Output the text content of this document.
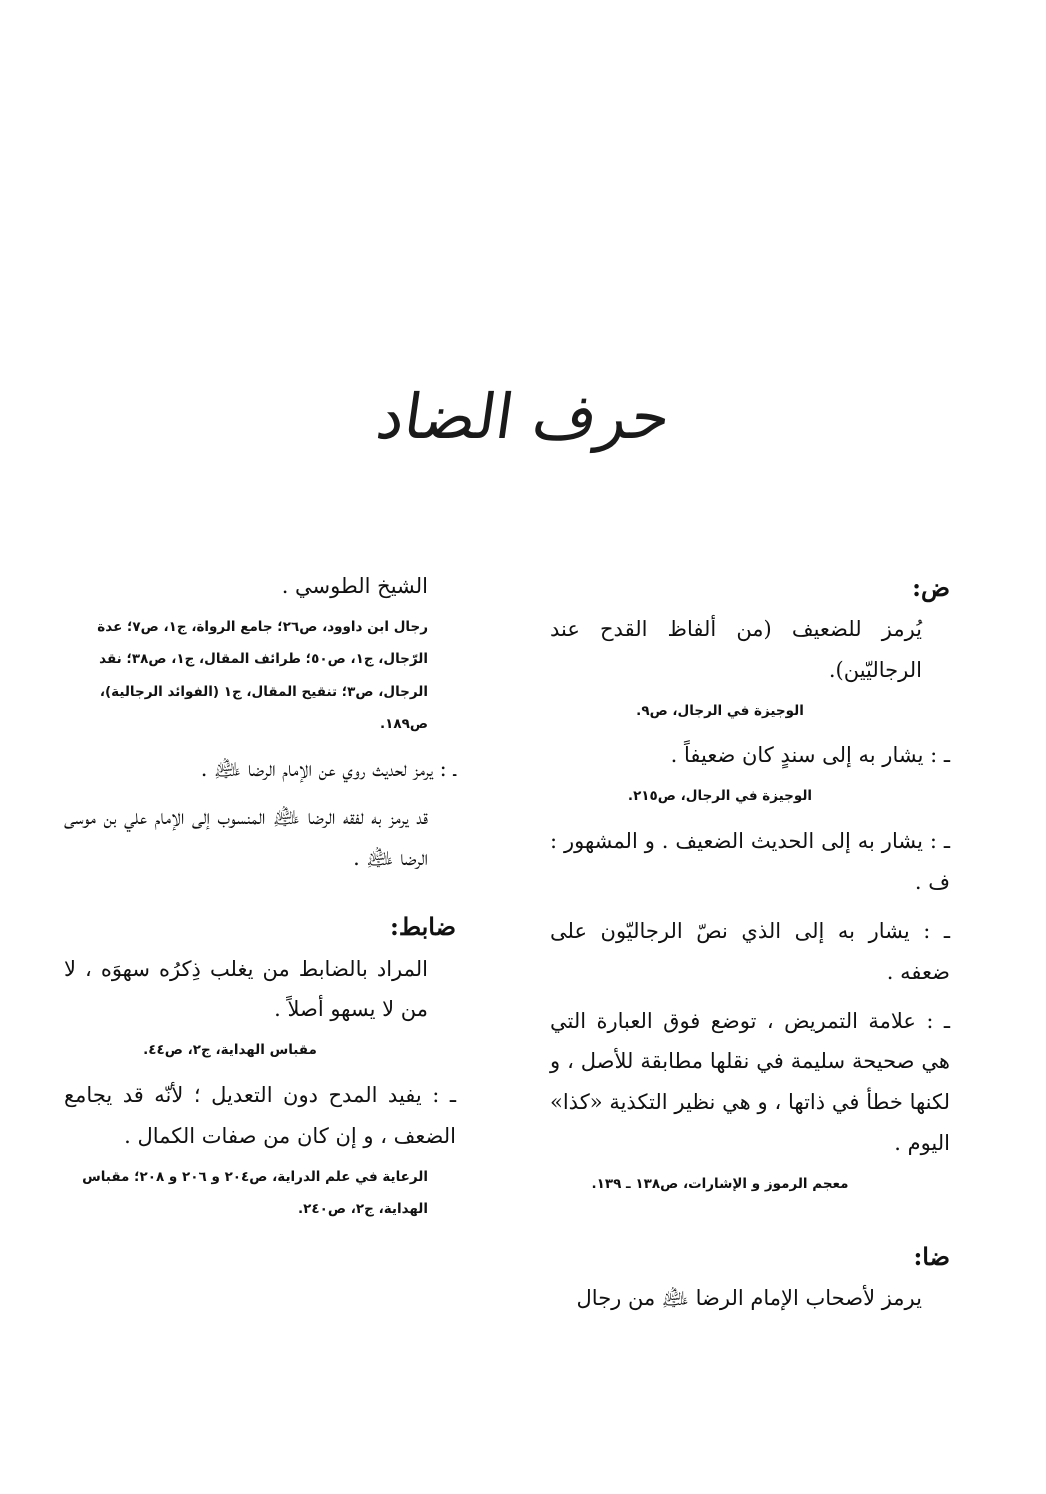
حرف الضاد

ض:

يُرمز للضعيف (من ألفاظ القدح عند الرجاليّين).

الوجيزة في الرجال، ص٩.

ـ : يشار به إلى سندٍ كان ضعيفاً .

الوجيزة في الرجال، ص٢١٥.

ـ : يشار به إلى الحديث الضعيف . و المشهور : ف .

ـ : يشار به إلى الذي نصّ الرجاليّون على ضعفه .

ـ : علامة التمريض ، توضع فوق العبارة التي هي صحيحة سليمة في نقلها مطابقة للأصل ، و لكنها خطأ في ذاتها ، و هي نظير التكذية «كذا» اليوم .

معجم الرموز و الإشارات، ص١٣٨ ـ ١٣٩.

ضا:

يرمز لأصحاب الإمام الرضا ﵇ من رجال

الشيخ الطوسي .

رجال ابن داوود، ص٢٦؛ جامع الرواة، ج١، ص٧؛ عدة الرّجال، ج١، ص٥٠؛ طرائف المقال، ج١، ص٣٨؛ نقد الرجال، ص٣؛ تنقيح المقال، ج١ (الفوائد الرجالية)، ص١٨٩.

ـ : يرمز لحديث روي عن الإمام الرضا ﵇ .

قد يرمز به لفقه الرضا ﵇ المنسوب إلى الإمام علي بن موسى الرضا ﵇ .

ضابط:

المراد بالضابط من يغلب ذِكرُه سهوَه ، لا من لا يسهو أصلاً .

مقباس الهداية، ج٢، ص٤٤.

ـ : يفيد المدح دون التعديل ؛ لأنّه قد يجامع الضعف ، و إن كان من صفات الكمال .

الرعاية في علم الدراية، ص٢٠٤ و ٢٠٦ و ٢٠٨؛ مقباس الهداية، ج٢، ص٢٤٠.
